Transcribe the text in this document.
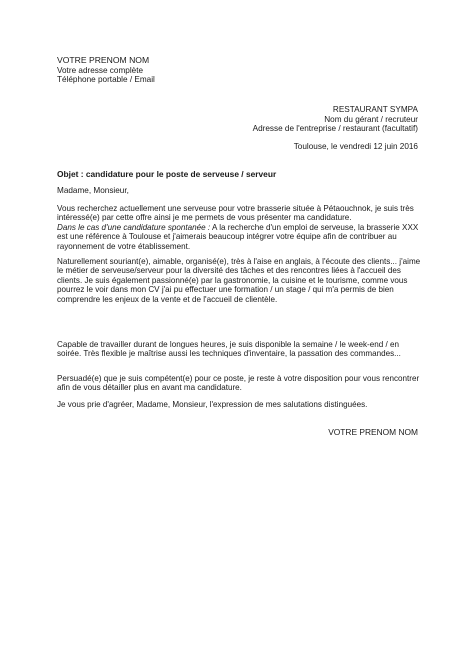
VOTRE PRENOM NOM
Votre adresse complète
Téléphone portable / Email
RESTAURANT SYMPA
Nom du gérant / recruteur
Adresse de l'entreprise / restaurant (facultatif)
Toulouse, le vendredi 12 juin 2016
Objet : candidature pour le poste de serveuse / serveur
Madame, Monsieur,
Vous recherchez actuellement une serveuse pour votre brasserie située à Pétaouchnok, je suis très
intéressé(e) par cette offre ainsi je me permets de vous présenter ma candidature.
Dans le cas d'une candidature spontanée : A la recherche d'un emploi de serveuse, la brasserie XXX
est une référence à Toulouse et j'aimerais beaucoup intégrer votre équipe afin de contribuer au
rayonnement de votre établissement.
Naturellement souriant(e), aimable, organisé(e), très à l'aise en anglais, à l'écoute des clients... j'aime
le métier de serveuse/serveur pour la diversité des tâches et des rencontres liées à l'accueil des
clients. Je suis également passionné(e) par la gastronomie, la cuisine et le tourisme, comme vous
pourrez le voir dans mon CV j'ai pu effectuer une formation / un stage / qui m'a permis de bien
comprendre les enjeux de la vente et de l'accueil de clientèle.
Capable de travailler durant de longues heures, je suis disponible la semaine / le week-end / en
soirée. Très flexible je maîtrise aussi les techniques d'inventaire, la passation des commandes...
Persuadé(e) que je suis compétent(e) pour ce poste, je reste à votre disposition pour vous rencontrer
afin de vous détailler plus en avant ma candidature.
Je vous prie d'agréer, Madame, Monsieur, l'expression de mes salutations distinguées.
VOTRE PRENOM NOM
